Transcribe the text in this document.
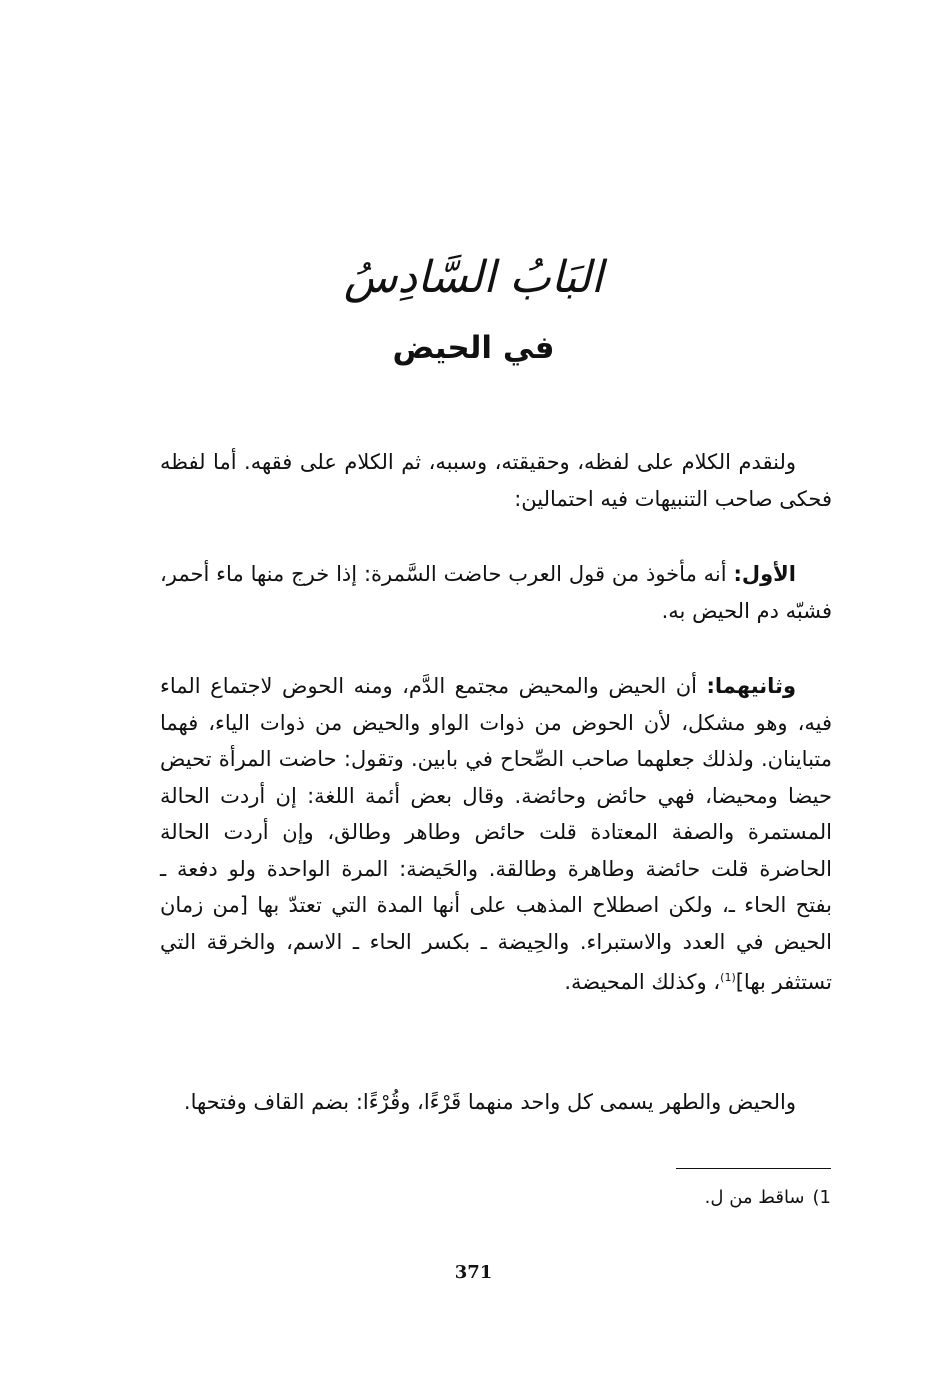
البَابُ السَّادِسُ
في الحيض

ولنقدم الكلام على لفظه، وحقيقته، وسببه، ثم الكلام على فقهه. أما لفظه فحكى صاحب التنبيهات فيه احتمالين:

الأول: أنه مأخوذ من قول العرب حاضت السَّمرة: إذا خرج منها ماء أحمر، فشبّه دم الحيض به.

وثانيهما: أن الحيض والمحيض مجتمع الدَّم، ومنه الحوض لاجتماع الماء فيه، وهو مشكل، لأن الحوض من ذوات الواو والحيض من ذوات الياء، فهما متباينان. ولذلك جعلهما صاحب الصِّحاح في بابين. وتقول: حاضت المرأة تحيض حيضا ومحيضا، فهي حائض وحائضة. وقال بعض أئمة اللغة: إن أردت الحالة المستمرة والصفة المعتادة قلت حائض وطاهر وطالق، وإن أردت الحالة الحاضرة قلت حائضة وطاهرة وطالقة. والحَيضة: المرة الواحدة ولو دفعة ـ بفتح الحاء ـ، ولكن اصطلاح المذهب على أنها المدة التي تعتدّ بها [من زمان الحيض في العدد والاستبراء. والحِيضة ـ بكسر الحاء ـ الاسم، والخرقة التي تستثفر بها]$^{(1)}$، وكذلك المحيضة.

والحيض والطهر يسمى كل واحد منهما قَرْءًا، وقُرْءًا: بضم القاف وفتحها.

1)ساقط من ل.
371
